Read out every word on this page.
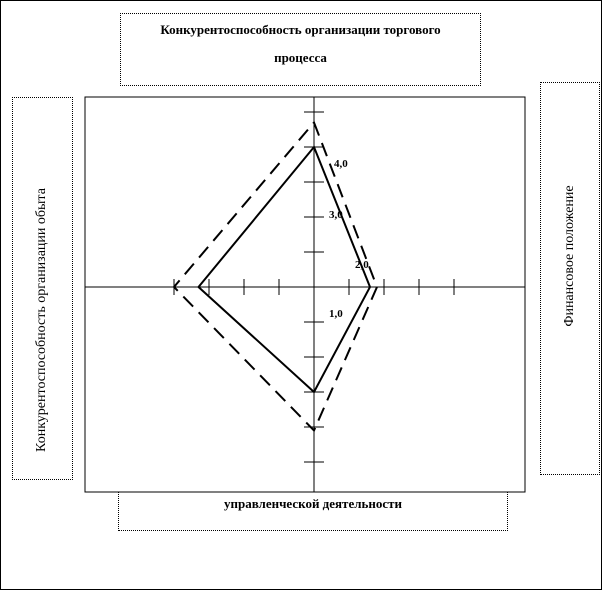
Конкурентоспособность организации торгового
процесса
Конкурентоспособность организации обыта	Финансовое положение
управленческой деятельности
4,0
3,0
2,0
1,0
